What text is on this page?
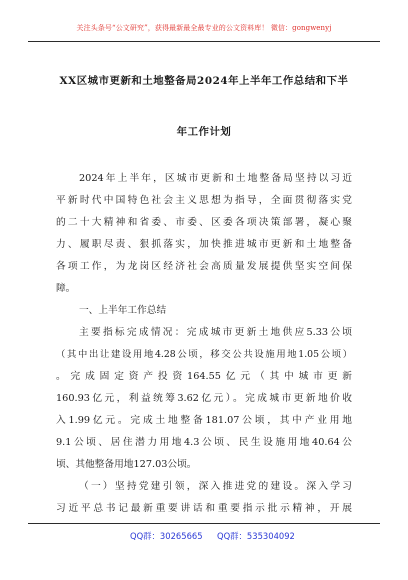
关注头条号“公文研究”，获得最新最全最专业的公文资料库！ 微信：gongwenyj
XX区城市更新和土地整备局2024年上半年工作总结和下半
年工作计划
2024年上半年，区城市更新和土地整备局坚持以习近
平新时代中国特色社会主义思想为指导，全面贯彻落实党
的二十大精神和省委、市委、区委各项决策部署，凝心聚
力、履职尽责、狠抓落实，加快推进城市更新和土地整备
各项工作，为龙岗区经济社会高质量发展提供坚实空间保
障。
一、上半年工作总结
主要指标完成情况：完成城市更新土地供应5.33公顷
（其中出让建设用地4.28公顷，移交公共设施用地1.05公顷）
。完成固定资产投资164.55亿元（其中城市更新
160.93亿元，利益统筹3.62亿元）。完成城市更新地价收
入1.99亿元。完成土地整备181.07公顷，其中产业用地
9.1公顷、居住潜力用地4.3公顷、民生设施用地40.64公
顷、其他整备用地127.03公顷。
（一）坚持党建引领，深入推进党的建设。深入学习
习近平总书记最新重要讲话和重要指示批示精神，开展
QQ群：30265665 QQ群：535304092
